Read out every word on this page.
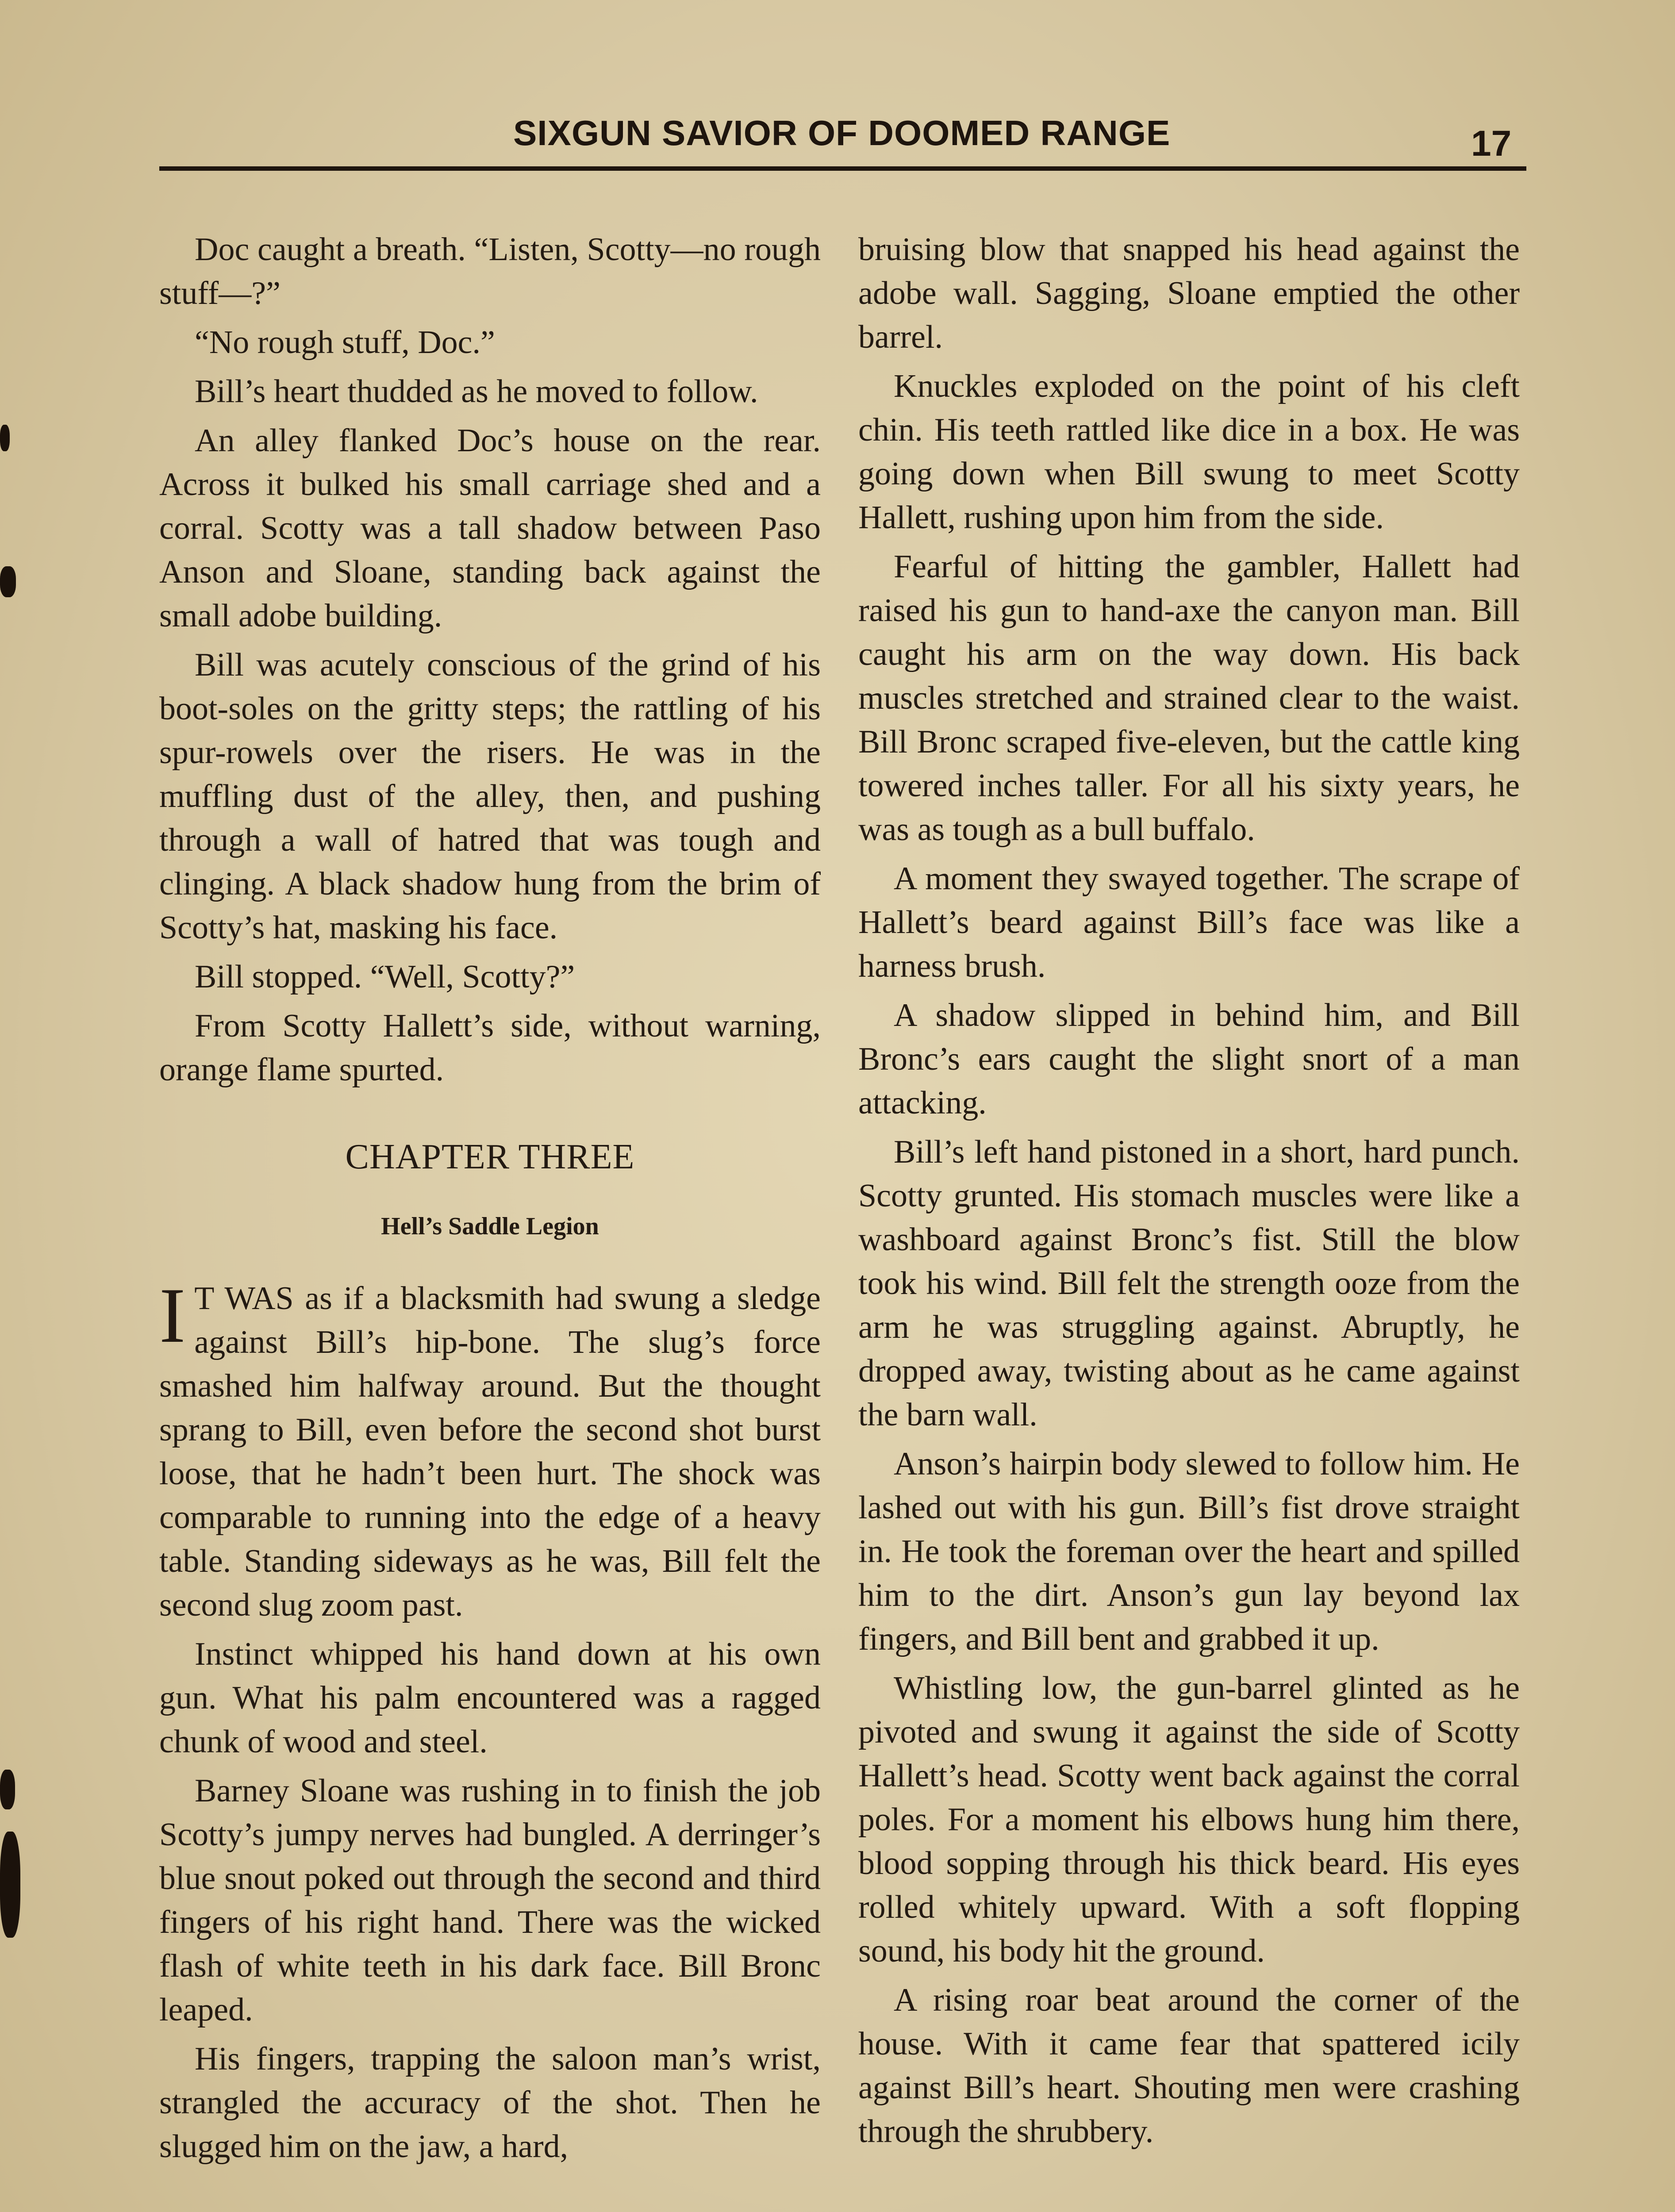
SIXGUN SAVIOR OF DOOMED RANGE	17

Doc caught a breath. “Listen, Scotty—no rough stuff—?”

“No rough stuff, Doc.”

Bill’s heart thudded as he moved to follow.

An alley flanked Doc’s house on the rear. Across it bulked his small carriage shed and a corral. Scotty was a tall shadow between Paso Anson and Sloane, standing back against the small adobe building.

Bill was acutely conscious of the grind of his boot-soles on the gritty steps; the rattling of his spur-rowels over the risers. He was in the muffling dust of the alley, then, and pushing through a wall of hatred that was tough and clinging. A black shadow hung from the brim of Scotty’s hat, masking his face.

Bill stopped. “Well, Scotty?”

From Scotty Hallett’s side, without warning, orange flame spurted.

CHAPTER THREE
Hell’s Saddle Legion

I T WAS as if a blacksmith had swung a sledge against Bill’s hip-bone. The slug’s force smashed him halfway around. But the thought sprang to Bill, even before the second shot burst loose, that he hadn’t been hurt. The shock was comparable to running into the edge of a heavy table. Standing sideways as he was, Bill felt the second slug zoom past.

Instinct whipped his hand down at his own gun. What his palm encountered was a ragged chunk of wood and steel.

Barney Sloane was rushing in to finish the job Scotty’s jumpy nerves had bungled. A derringer’s blue snout poked out through the second and third fingers of his right hand. There was the wicked flash of white teeth in his dark face. Bill Bronc leaped.

His fingers, trapping the saloon man’s wrist, strangled the accuracy of the shot. Then he slugged him on the jaw, a hard,

bruising blow that snapped his head against the adobe wall. Sagging, Sloane emptied the other barrel.

Knuckles exploded on the point of his cleft chin. His teeth rattled like dice in a box. He was going down when Bill swung to meet Scotty Hallett, rushing upon him from the side.

Fearful of hitting the gambler, Hallett had raised his gun to hand-axe the canyon man. Bill caught his arm on the way down. His back muscles stretched and strained clear to the waist. Bill Bronc scraped five-eleven, but the cattle king towered inches taller. For all his sixty years, he was as tough as a bull buffalo.

A moment they swayed together. The scrape of Hallett’s beard against Bill’s face was like a harness brush.

A shadow slipped in behind him, and Bill Bronc’s ears caught the slight snort of a man attacking.

Bill’s left hand pistoned in a short, hard punch. Scotty grunted. His stomach muscles were like a washboard against Bronc’s fist. Still the blow took his wind. Bill felt the strength ooze from the arm he was struggling against. Abruptly, he dropped away, twisting about as he came against the barn wall.

Anson’s hairpin body slewed to follow him. He lashed out with his gun. Bill’s fist drove straight in. He took the foreman over the heart and spilled him to the dirt. Anson’s gun lay beyond lax fingers, and Bill bent and grabbed it up.

Whistling low, the gun-barrel glinted as he pivoted and swung it against the side of Scotty Hallett’s head. Scotty went back against the corral poles. For a moment his elbows hung him there, blood sopping through his thick beard. His eyes rolled whitely upward. With a soft flopping sound, his body hit the ground.

A rising roar beat around the corner of the house. With it came fear that spattered icily against Bill’s heart. Shouting men were crashing through the shrubbery.
